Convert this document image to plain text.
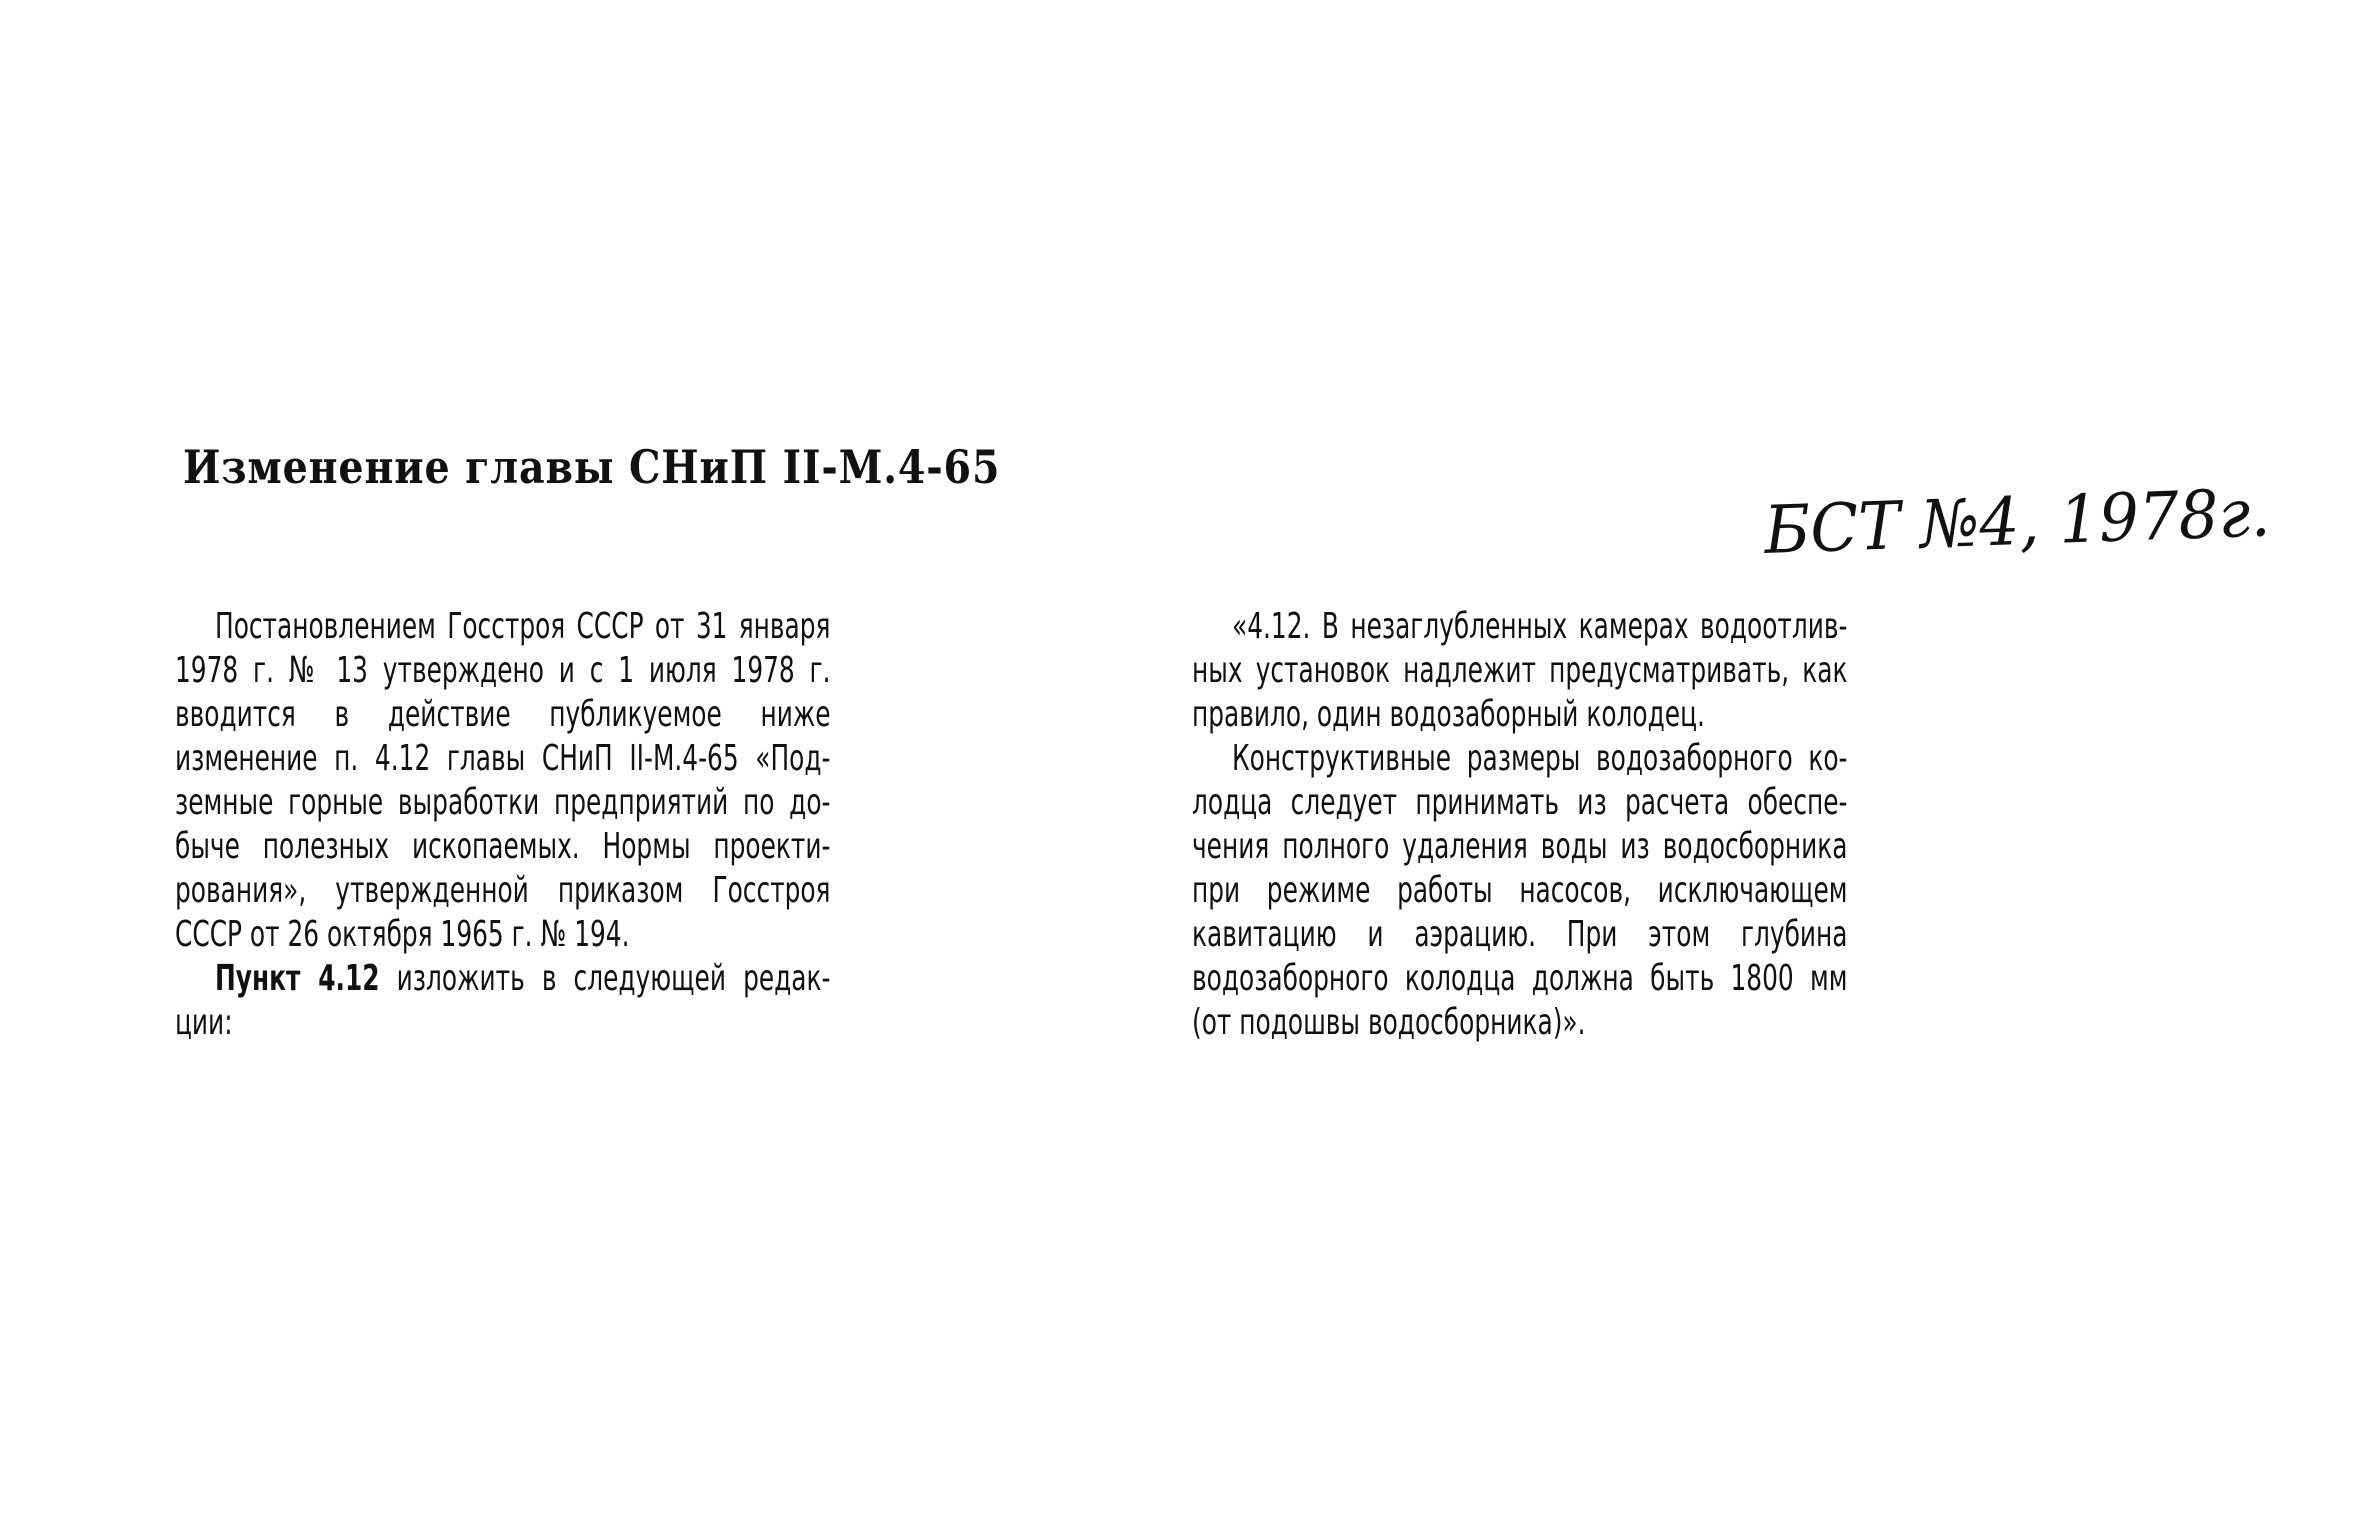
Изменение главы СНиП II-М.4-65
БСТ №4, 1978г.

Постановлением Госстроя СССР от 31 января 1978 г. № 13 утверждено и с 1 июля 1978 г. вводится в действие публикуемое ниже изменение п. 4.12 главы СНиП II-М.4-65 «Подземные горные выработки предприятий по добыче полезных ископаемых. Нормы проектирования», утвержденной приказом Госстроя СССР от 26 октября 1965 г. № 194.

Пункт 4.12 изложить в следующей редакции:

«4.12. В незаглубленных камерах водоотливных установок надлежит предусматривать, как правило, один водозаборный колодец.

Конструктивные размеры водозаборного колодца следует принимать из расчета обеспечения полного удаления воды из водосборника при режиме работы насосов, исключающем кавитацию и аэрацию. При этом глубина водозаборного колодца должна быть 1800 мм (от подошвы водосборника)».
